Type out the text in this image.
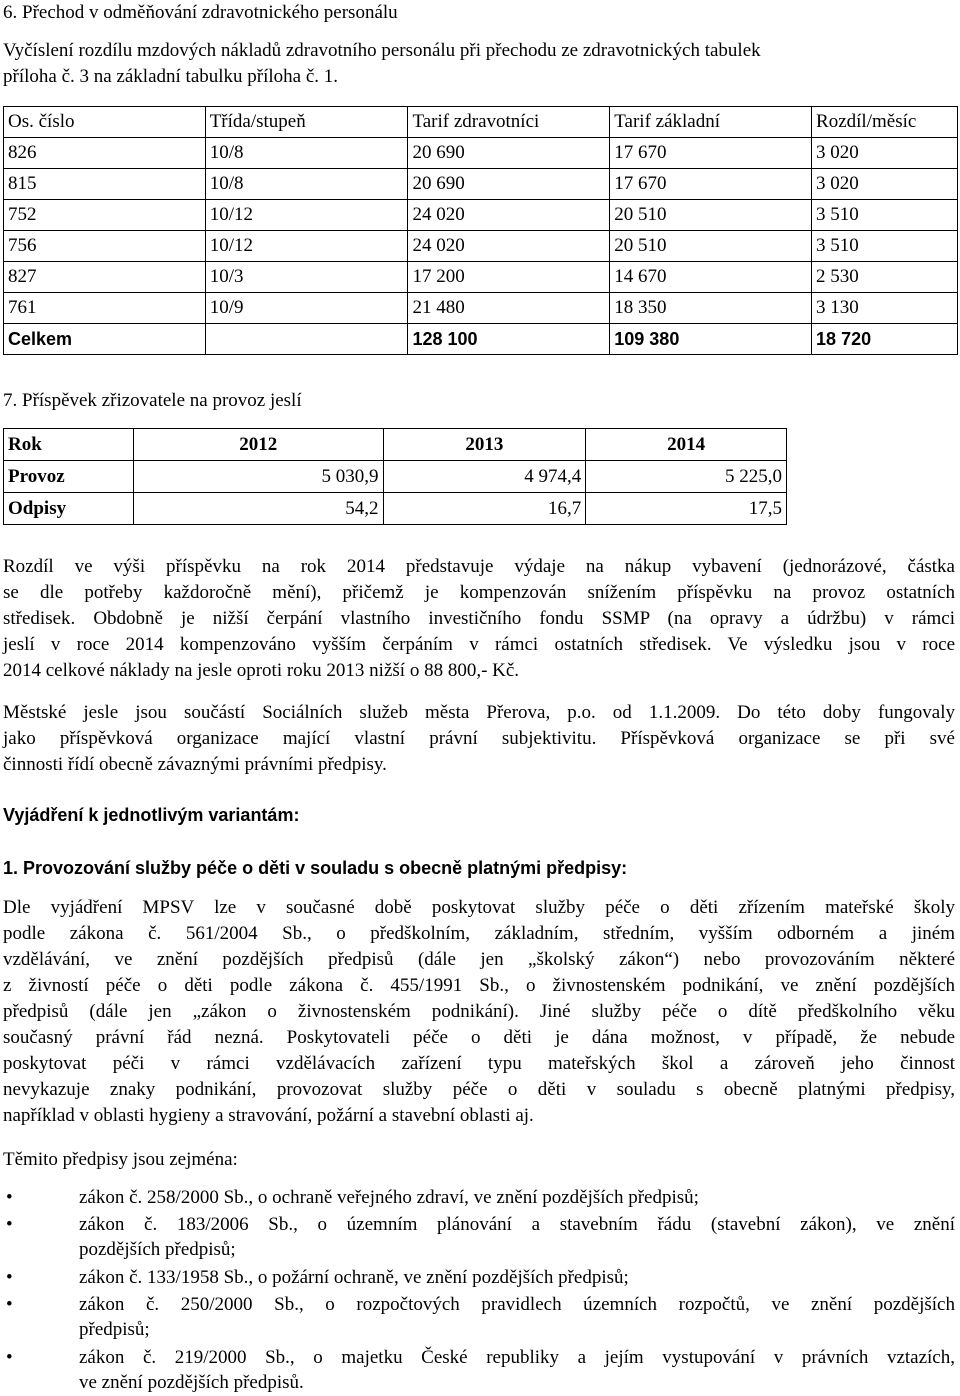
6. Přechod v odměňování zdravotnického personálu
Vyčíslení rozdílu mzdových nákladů zdravotního personálu při přechodu ze zdravotnických tabulek
příloha č. 3 na základní tabulku příloha č. 1.
Os. číslo	Třída/stupeň	Tarif zdravotníci	Tarif základní	Rozdíl/měsíc
826	10/8	20 690	17 670	3 020
815	10/8	20 690	17 670	3 020
752	10/12	24 020	20 510	3 510
756	10/12	24 020	20 510	3 510
827	10/3	17 200	14 670	2 530
761	10/9	21 480	18 350	3 130
Celkem		128 100	109 380	18 720
7. Příspěvek zřizovatele na provoz jeslí
Rok	2012	2013	2014
Provoz	5 030,9	4 974,4	5 225,0
Odpisy	54,2	16,7	17,5
Rozdíl ve výši příspěvku na rok 2014 představuje výdaje na nákup vybavení (jednorázové, částka
se dle potřeby každoročně mění), přičemž je kompenzován snížením příspěvku na provoz ostatních
středisek. Obdobně je nižší čerpání vlastního investičního fondu SSMP (na opravy a údržbu) v rámci
jeslí v roce 2014 kompenzováno vyšším čerpáním v rámci ostatních středisek. Ve výsledku jsou v roce
2014 celkové náklady na jesle oproti roku 2013 nižší o 88 800,- Kč.
Městské jesle jsou součástí Sociálních služeb města Přerova, p.o. od 1.1.2009. Do této doby fungovaly
jako příspěvková organizace mající vlastní právní subjektivitu. Příspěvková organizace se při své
činnosti řídí obecně závaznými právními předpisy.
Vyjádření k jednotlivým variantám:
1. Provozování služby péče o děti v souladu s obecně platnými předpisy:
Dle vyjádření MPSV lze v současné době poskytovat služby péče o děti zřízením mateřské školy
podle zákona č. 561/2004 Sb., o předškolním, základním, středním, vyšším odborném a jiném
vzdělávání, ve znění pozdějších předpisů (dále jen „školský zákon“) nebo provozováním některé
z živností péče o děti podle zákona č. 455/1991 Sb., o živnostenském podnikání, ve znění pozdějších
předpisů (dále jen „zákon o živnostenském podnikání). Jiné služby péče o dítě předškolního věku
současný právní řád nezná. Poskytovateli péče o děti je dána možnost, v případě, že nebude
poskytovat péči v rámci vzdělávacích zařízení typu mateřských škol a zároveň jeho činnost
nevykazuje znaky podnikání, provozovat služby péče o děti v souladu s obecně platnými předpisy,
například v oblasti hygieny a stravování, požární a stavební oblasti aj.
Těmito předpisy jsou zejména:
•	zákon č. 258/2000 Sb., o ochraně veřejného zdraví, ve znění pozdějších předpisů;
•	zákon č. 183/2006 Sb., o územním plánování a stavebním řádu (stavební zákon), ve znění
pozdějších předpisů;
•	zákon č. 133/1958 Sb., o požární ochraně, ve znění pozdějších předpisů;
•	zákon č. 250/2000 Sb., o rozpočtových pravidlech územních rozpočtů, ve znění pozdějších
předpisů;
•	zákon č. 219/2000 Sb., o majetku České republiky a jejím vystupování v právních vztazích,
ve znění pozdějších předpisů.
